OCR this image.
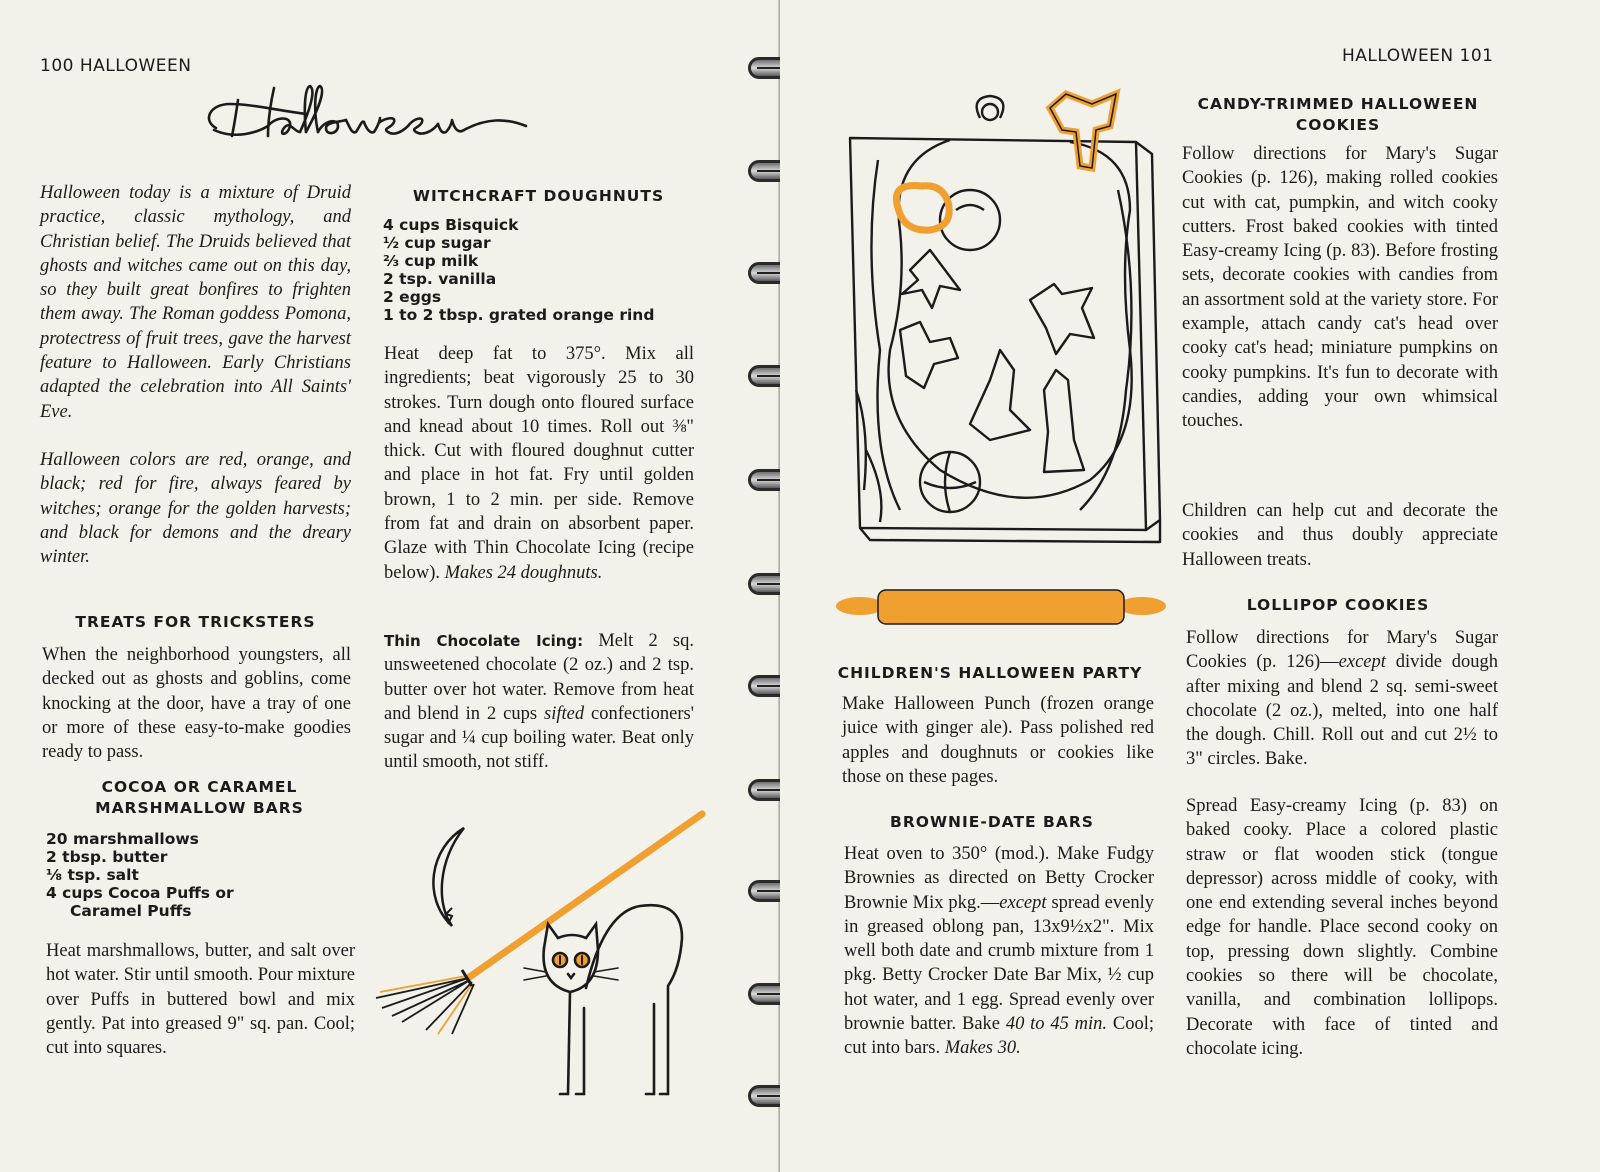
100 HALLOWEEN

Halloween today is a mixture of Druid practice, classic mythology, and Christian belief. The Druids believed that ghosts and witches came out on this day, so they built great bonfires to frighten them away. The Roman goddess Pomona, protectress of fruit trees, gave the harvest feature to Halloween. Early Christians adapted the celebration into All Saints' Eve.

Halloween colors are red, orange, and black; red for fire, always feared by witches; orange for the golden harvests; and black for demons and the dreary winter.

TREATS FOR TRICKSTERS

When the neighborhood youngsters, all decked out as ghosts and goblins, come knocking at the door, have a tray of one or more of these easy-to-make goodies ready to pass.

COCOA OR CARAMEL
MARSHMALLOW BARS
20 marshmallows
2 tbsp. butter
⅛ tsp. salt
4 cups Cocoa Puffs or
Caramel Puffs

Heat marshmallows, butter, and salt over hot water. Stir until smooth. Pour mixture over Puffs in buttered bowl and mix gently. Pat into greased 9" sq. pan. Cool; cut into squares.

WITCHCRAFT DOUGHNUTS
4 cups Bisquick
½ cup sugar
⅔ cup milk
2 tsp. vanilla
2 eggs
1 to 2 tbsp. grated orange rind

Heat deep fat to 375°. Mix all ingredients; beat vigorously 25 to 30 strokes. Turn dough onto floured surface and knead about 10 times. Roll out ⅜" thick. Cut with floured doughnut cutter and place in hot fat. Fry until golden brown, 1 to 2 min. per side. Remove from fat and drain on absorbent paper. Glaze with Thin Chocolate Icing (recipe below). Makes 24 doughnuts.

Thin Chocolate Icing: Melt 2 sq. unsweetened chocolate (2 oz.) and 2 tsp. butter over hot water. Remove from heat and blend in 2 cups sifted confectioners' sugar and ¼ cup boiling water. Beat only until smooth, not stiff.

HALLOWEEN 101
CHILDREN'S HALLOWEEN PARTY

Make Halloween Punch (frozen orange juice with ginger ale). Pass polished red apples and doughnuts or cookies like those on these pages.

BROWNIE-DATE BARS

Heat oven to 350° (mod.). Make Fudgy Brownies as directed on Betty Crocker Brownie Mix pkg.—except spread evenly in greased oblong pan, 13x9½x2". Mix well both date and crumb mixture from 1 pkg. Betty Crocker Date Bar Mix, ½ cup hot water, and 1 egg. Spread evenly over brownie batter. Bake 40 to 45 min. Cool; cut into bars. Makes 30.

CANDY-TRIMMED HALLOWEEN
COOKIES

Follow directions for Mary's Sugar Cookies (p. 126), making rolled cookies cut with cat, pumpkin, and witch cooky cutters. Frost baked cookies with tinted Easy-creamy Icing (p. 83). Before frosting sets, decorate cookies with candies from an assortment sold at the variety store. For example, attach candy cat's head over cooky cat's head; miniature pumpkins on cooky pumpkins. It's fun to decorate with candies, adding your own whimsical touches.

Children can help cut and decorate the cookies and thus doubly appreciate Halloween treats.

LOLLIPOP COOKIES

Follow directions for Mary's Sugar Cookies (p. 126)—except divide dough after mixing and blend 2 sq. semi-sweet chocolate (2 oz.), melted, into one half the dough. Chill. Roll out and cut 2½ to 3" circles. Bake.

Spread Easy-creamy Icing (p. 83) on baked cooky. Place a colored plastic straw or flat wooden stick (tongue depressor) across middle of cooky, with one end extending several inches beyond edge for handle. Place second cooky on top, pressing down slightly. Combine cookies so there will be chocolate, vanilla, and combination lollipops. Decorate with face of tinted and chocolate icing.
